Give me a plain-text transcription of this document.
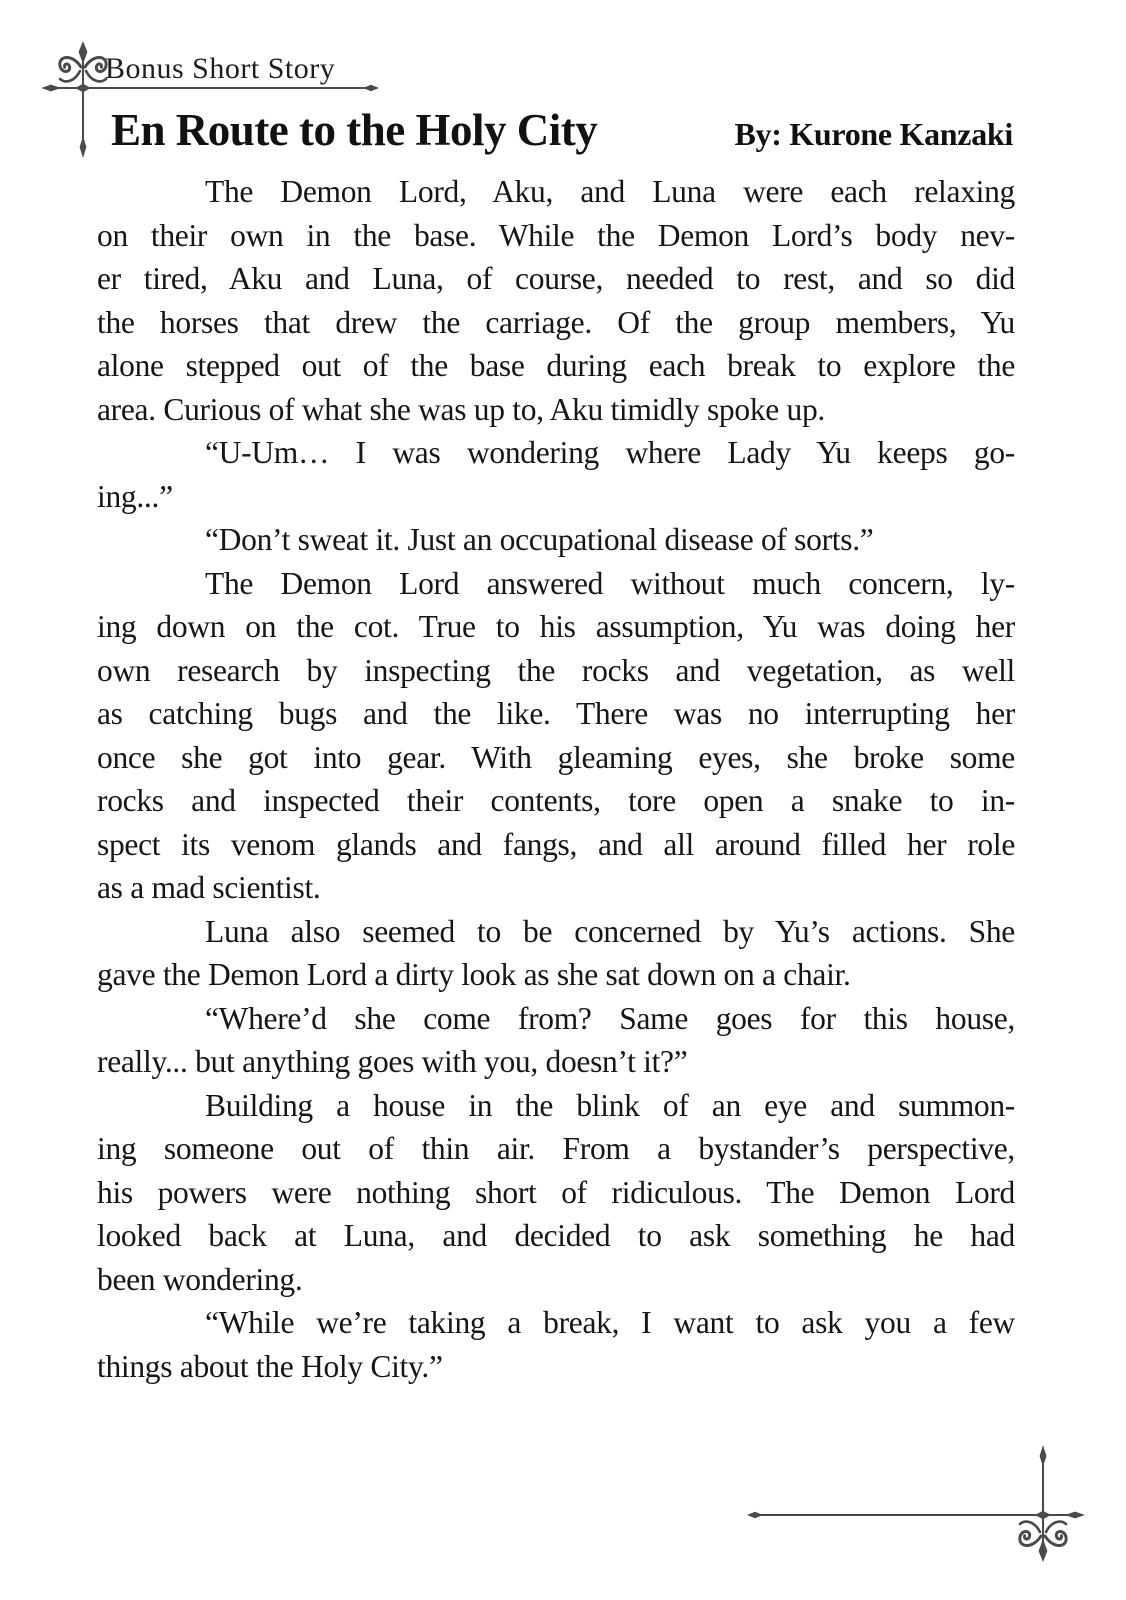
Bonus Short Story
En Route to the Holy City	By: Kurone Kanzaki
The Demon Lord, Aku, and Luna were each relaxing
on their own in the base. While the Demon Lord’s body nev-
er tired, Aku and Luna, of course, needed to rest, and so did
the horses that drew the carriage. Of the group members, Yu
alone stepped out of the base during each break to explore the
area. Curious of what she was up to, Aku timidly spoke up.
“U-Um… I was wondering where Lady Yu keeps go-
ing...”
“Don’t sweat it. Just an occupational disease of sorts.”
The Demon Lord answered without much concern, ly-
ing down on the cot. True to his assumption, Yu was doing her
own research by inspecting the rocks and vegetation, as well
as catching bugs and the like. There was no interrupting her
once she got into gear. With gleaming eyes, she broke some
rocks and inspected their contents, tore open a snake to in-
spect its venom glands and fangs, and all around filled her role
as a mad scientist.
Luna also seemed to be concerned by Yu’s actions. She
gave the Demon Lord a dirty look as she sat down on a chair.
“Where’d she come from? Same goes for this house,
really... but anything goes with you, doesn’t it?”
Building a house in the blink of an eye and summon-
ing someone out of thin air. From a bystander’s perspective,
his powers were nothing short of ridiculous. The Demon Lord
looked back at Luna, and decided to ask something he had
been wondering.
“While we’re taking a break, I want to ask you a few
things about the Holy City.”
